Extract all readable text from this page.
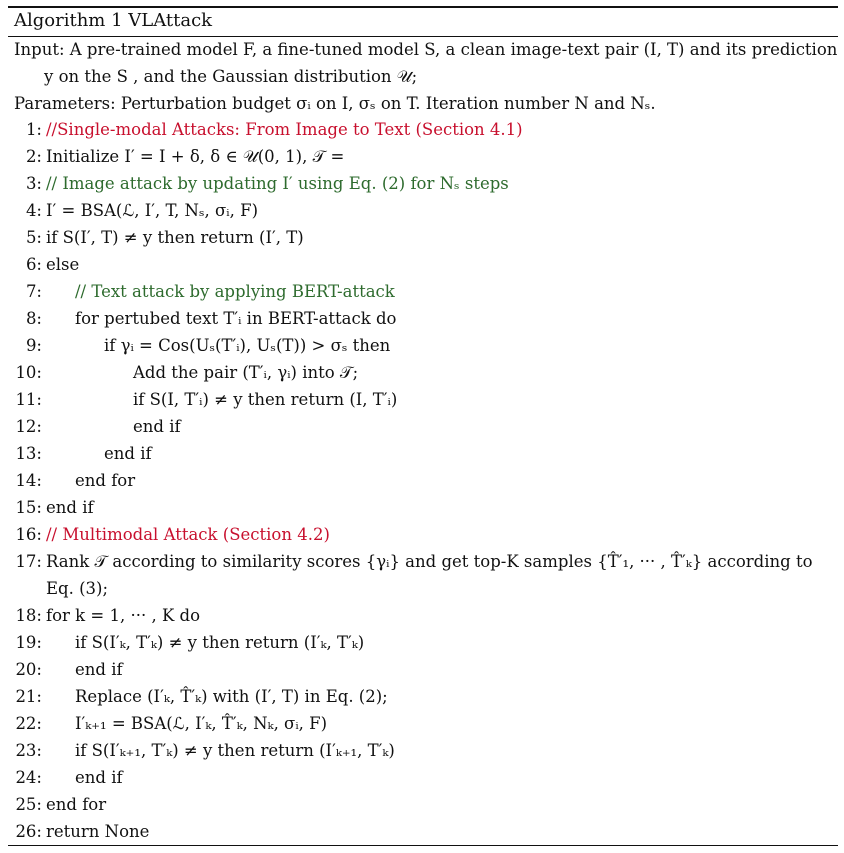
Algorithm 1 VLAttack
Input: A pre-trained model F, a fine-tuned model S, a clean image-text pair (I, T) and its prediction
y on the S , and the Gaussian distribution 𝒰;
Parameters: Perturbation budget σᵢ on I, σₛ on T. Iteration number N and Nₛ.
1: //Single-modal Attacks: From Image to Text (Section 4.1)
2: Initialize I′ = I + δ, δ ∈ 𝒰(0, 1), 𝒯 =
3: // Image attack by updating I′ using Eq. (2) for Nₛ steps
4: I′ = BSA(ℒ, I′, T, Nₛ, σᵢ, F)
5: if S(I′, T) ≠ y then return (I′, T)
6: else
7: // Text attack by applying BERT-attack
8: for pertubed text T′ᵢ in BERT-attack do
9:	if γᵢ = Cos(Uₛ(T′ᵢ), Uₛ(T)) > σₛ then
10:	Add the pair (T′ᵢ, γᵢ) into 𝒯;
11:	if S(I, T′ᵢ) ≠ y then return (I, T′ᵢ)
12:	end if
13:	end if
14: end for
15: end if
16: // Multimodal Attack (Section 4.2)
17: Rank 𝒯 according to similarity scores {γᵢ} and get top-K samples {T̂′₁, ··· , T̂′ₖ} according to
Eq. (3);
18: for k = 1, ··· , K do
19: if S(I′ₖ, T′ₖ) ≠ y then return (I′ₖ, T′ₖ)
20: end if
21: Replace (I′ₖ, T̂′ₖ) with (I′, T) in Eq. (2);
22: I′ₖ₊₁ = BSA(ℒ, I′ₖ, T̂′ₖ, Nₖ, σᵢ, F)
23: if S(I′ₖ₊₁, T′ₖ) ≠ y then return (I′ₖ₊₁, T′ₖ)
24: end if
25: end for
26: return None
